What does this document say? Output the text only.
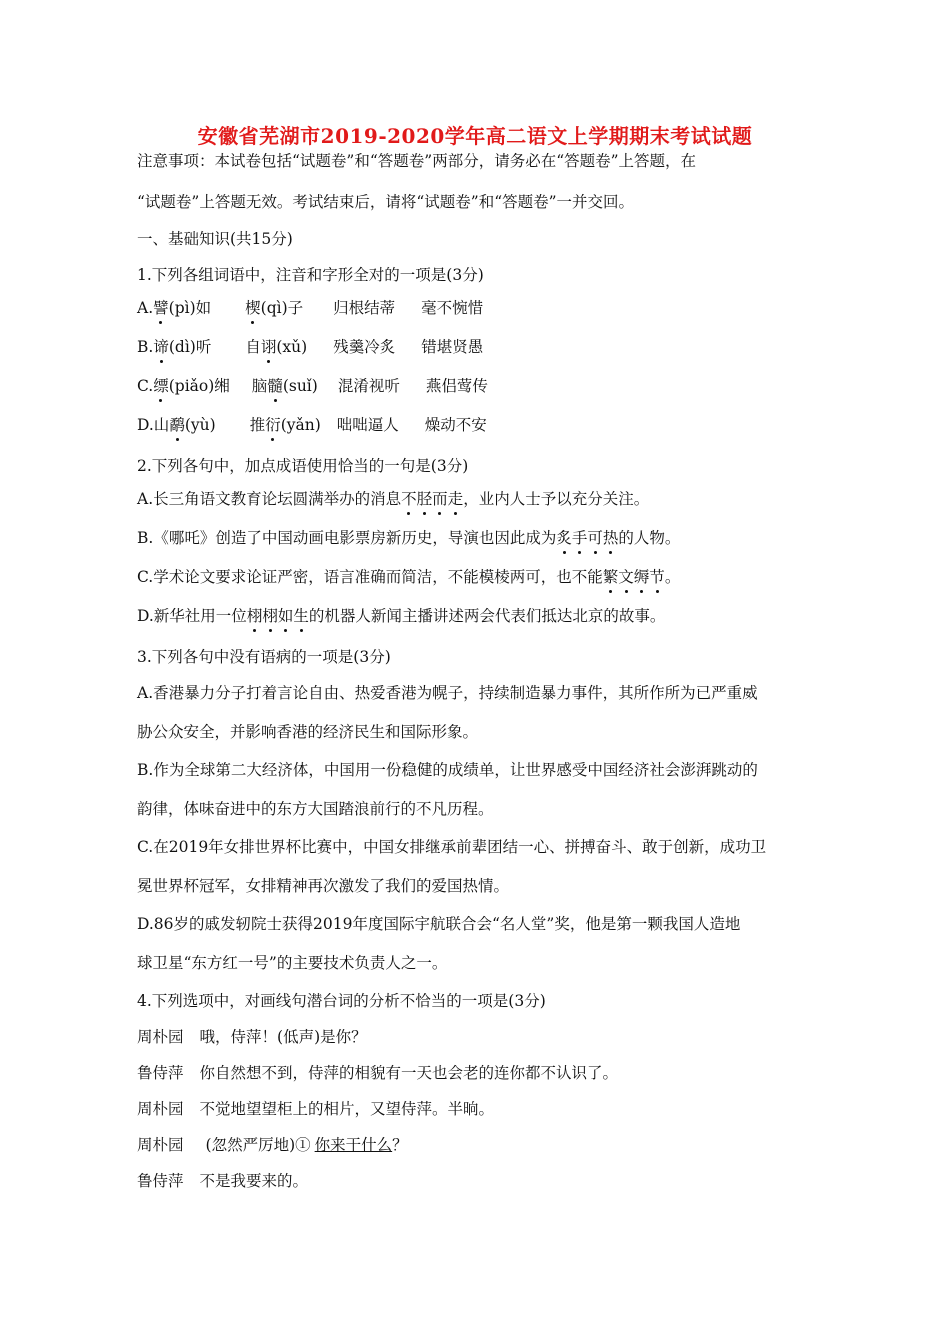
安徽省芜湖市2019-2020学年高二语文上学期期末考试试题
注意事项：本试卷包括“试题卷”和“答题卷”两部分，请务必在“答题卷”上答题，在
“试题卷”上答题无效。考试结束后，请将“试题卷”和“答题卷”一并交回。
一、基础知识(共15分)
1.下列各组词语中，注音和字形全对的一项是(3分)
A.譬(pì)如 楔(qì)子 归根结蒂 毫不惋惜
B.谛(dì)听 自诩(xǔ) 残羹冷炙 错堪贤愚
C.缥(piǎo)缃 脑髓(suǐ) 混淆视听 燕侣莺传
D.山鹬(yù) 推衍(yǎn) 咄咄逼人 燥动不安
2.下列各句中，加点成语使用恰当的一句是(3分)
A.长三角语文教育论坛圆满举办的消息不胫而走，业内人士予以充分关注。
B.《哪吒》创造了中国动画电影票房新历史，导演也因此成为炙手可热的人物。
C.学术论文要求论证严密，语言准确而简洁，不能模棱两可，也不能繁文缛节。
D.新华社用一位栩栩如生的机器人新闻主播讲述两会代表们抵达北京的故事。
3.下列各句中没有语病的一项是(3分)
A.香港暴力分子打着言论自由、热爱香港为幌子，持续制造暴力事件，其所作所为已严重威
胁公众安全，并影响香港的经济民生和国际形象。
B.作为全球第二大经济体，中国用一份稳健的成绩单，让世界感受中国经济社会澎湃跳动的
韵律，体味奋进中的东方大国踏浪前行的不凡历程。
C.在2019年女排世界杯比赛中，中国女排继承前辈团结一心、拼搏奋斗、敢于创新，成功卫
冕世界杯冠军，女排精神再次激发了我们的爱国热情。
D.86岁的戚发轫院士获得2019年度国际宇航联合会“名人堂”奖，他是第一颗我国人造地
球卫星“东方红一号”的主要技术负责人之一。
4.下列选项中，对画线句潜台词的分析不恰当的一项是(3分)
周朴园 哦，侍萍！(低声)是你？
鲁侍萍 你自然想不到，侍萍的相貌有一天也会老的连你都不认识了。
周朴园 不觉地望望柜上的相片，又望侍萍。半晌。
周朴园 (忽然严厉地)① 你来干什么？
鲁侍萍 不是我要来的。
